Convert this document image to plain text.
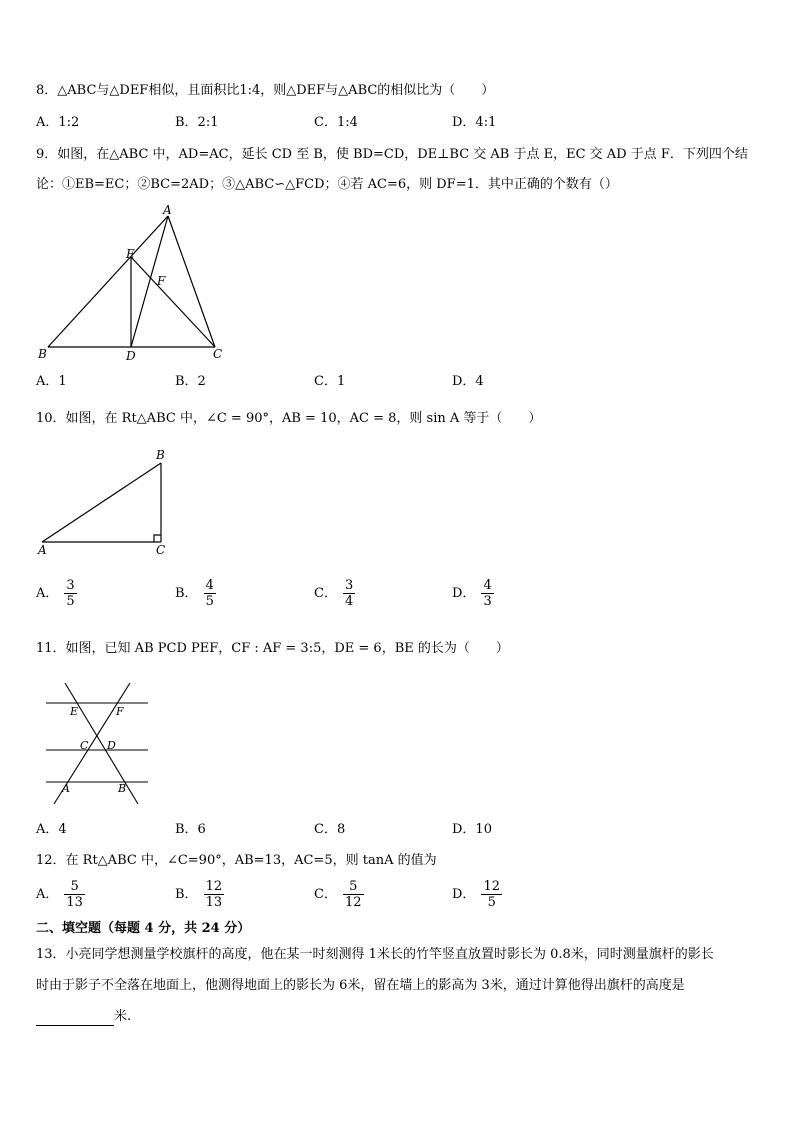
8．△ABC与△DEF相似，且面积比1:4，则△DEF与△ABC的相似比为（　　）
A．1:2	B．2:1	C．1:4	D．4:1
9．如图，在△ABC 中，AD=AC，延长 CD 至 B，使 BD=CD，DE⊥BC 交 AB 于点 E，EC 交 AD 于点 F．下列四个结
论：①EB=EC；②BC=2AD；③△ABC∽△FCD；④若 AC=6，则 DF=1．其中正确的个数有（）
A
E
F
B	D	C
A．1	B．2	C．1	D．4
10．如图，在 Rt△ABC 中，∠C = 90°，AB = 10，AC = 8，则 sin A 等于（　　）
B
A	C
A． $\frac{3}{5}$	B． $\frac{4}{5}$	C． $\frac{3}{4}$	D． $\frac{4}{3}$
11．如图，已知 AB PCD PEF，CF : AF = 3:5，DE = 6，BE 的长为（　　）
E	F
C D
A	B
A．4	B．6	C．8	D．10
12．在 Rt△ABC 中，∠C=90°，AB=13，AC=5，则 tanA 的值为
A． $\frac{5}{13}$	B． $\frac{12}{13}$	C． $\frac{5}{12}$	D． $\frac{12}{5}$
二、填空题（每题 4 分，共 24 分）
13．小亮同学想测量学校旗杆的高度，他在某一时刻测得 1米长的竹竿竖直放置时影长为 0.8米，同时测量旗杆的影长
时由于影子不全落在地面上，他测得地面上的影长为 6米，留在墙上的影高为 3米，通过计算他得出旗杆的高度是
米.
